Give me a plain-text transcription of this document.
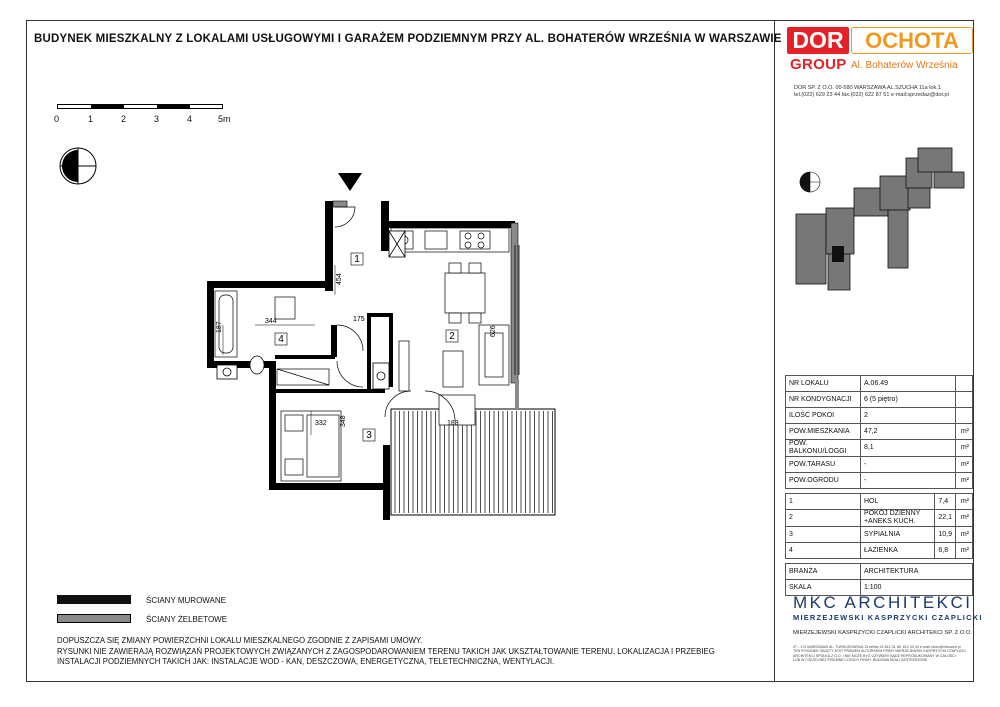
BUDYNEK MIESZKALNY Z LOKALAMI USŁUGOWYMI I GARAŻEM PODZIEMNYM PRZY AL. BOHATERÓW WRZEŚNIA W WARSZAWIE DOR OCHOTA
GROUP Al. Bohaterów Września
DOR SP. Z O.O. 00-580 WARSZAWA AL.SZUCHA 11a lok.1
tel.(022) 629 23 44 fax.(022) 622 87 51 e-mail:sprzedaz@dor.pl
0	1	2	3	4	5m
1
2
3
4
454
344
187
175
626
332 348	188
NR LOKALU	A.06.49		
NR KONDYGNACJI	6 (5 piętro)		
ILOŚĆ POKOI	2		
POW.MIESZKANIA	47,2		m²
POW. BALKONU/LOGGI	8,1		m²
POW.TARASU	-		m²
POW.OGRODU	-		m²

1	HOL	7,4	m²
2	POKÓJ DZIENNY +ANEKS KUCH.	22,1	m²
3	SYPIALNIA	10,9	m²
4	ŁAZIENKA	6,8	m²

BRANŻA	ARCHITEKTURA		
SKALA	1:100		
ŚCIANY MUROWANE
ŚCIANY ŻELBETOWE
DOPUSZCZA SIĘ ZMIANY POWIERZCHNI LOKALU MIESZKALNEGO ZGODNIE Z ZAPISAMI UMOWY.
RYSUNKI NIE ZAWIERAJĄ ROZWIĄZAŃ PROJEKTOWYCH ZWIĄZANYCH Z ZAGOSPODAROWANIEM TERENU TAKICH JAK UKSZTAŁTOWANIE TERENU, LOKALIZACJA I PRZEBIEG
INSTALACJI PODZIEMNYCH TAKICH JAK: INSTALACJE WOD - KAN, DESZCZOWA, ENERGETYCZNA, TELETECHNICZNA, WENTYLACJI.
MKC ARCHITEKCI
MIERZEJEWSKI KASPRZYCKI CZAPLICKI
MIERZEJEWSKI KASPRZYCKI CZAPLICKI ARCHITEKCI SP. Z O.O.
07 - 174 WARSZAWA UL. TURKUSOWSKA 13 tel/fax 22 612 31 85, 612 40 44 e-mail: biuro@mkcarch.pl
TEN RYSUNEK OBJĘTY JEST PRAWEM AUTORSKIM FIRMY MIERZEJEWSKI KASPRZYCKI CZAPLICKI
ARCHITEKCI SPÓŁKA Z O.O. I NIE MOŻE BYĆ UŻYWANY BĄDŹ REPRODUKOWANY W CAŁOŚCI
LUB W CZĘŚCI BEZ PISEMNEJ ZGODY FIRMY. BUDOWA SKALI ZASTRZEŻONE
